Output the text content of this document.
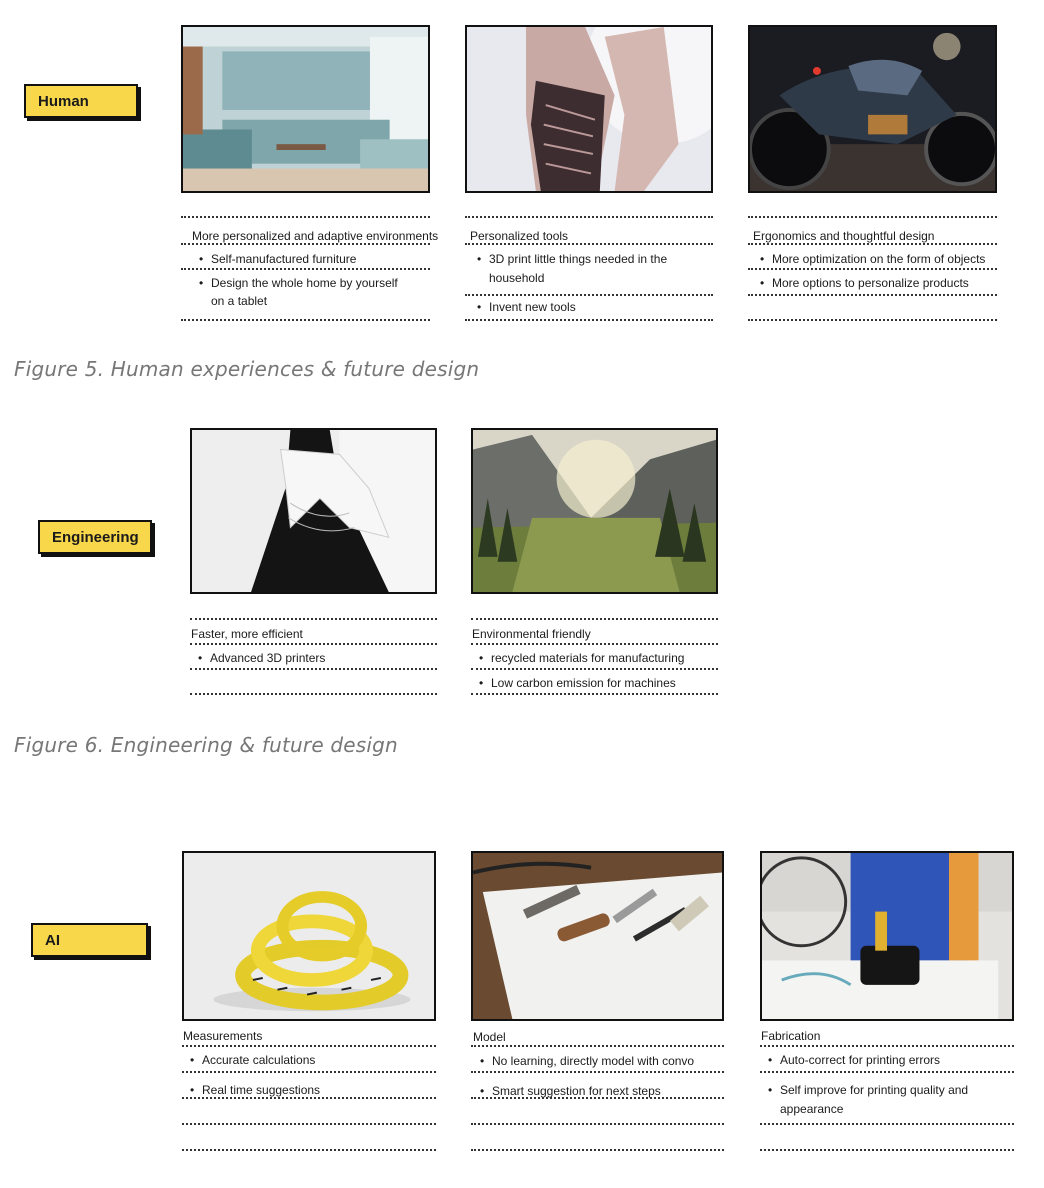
Human
More personalized and adaptive environments
• Self-manufactured furniture
• Design the whole home by yourself
on a tablet
Personalized tools
• 3D print little things needed in the
household
• Invent new tools
Ergonomics and thoughtful design
• More optimization on the form of objects
• More options to personalize products
Figure 5. Human experiences & future design
Engineering
Faster, more efficient
• Advanced 3D printers
Environmental friendly
• recycled materials for manufacturing
• Low carbon emission for machines
Figure 6. Engineering & future design
AI
Measurements
• Accurate calculations
• Real time suggestions
Model
• No learning, directly model with convo
• Smart suggestion for next steps
Fabrication
• Auto-correct for printing errors
• Self improve for printing quality and
appearance
